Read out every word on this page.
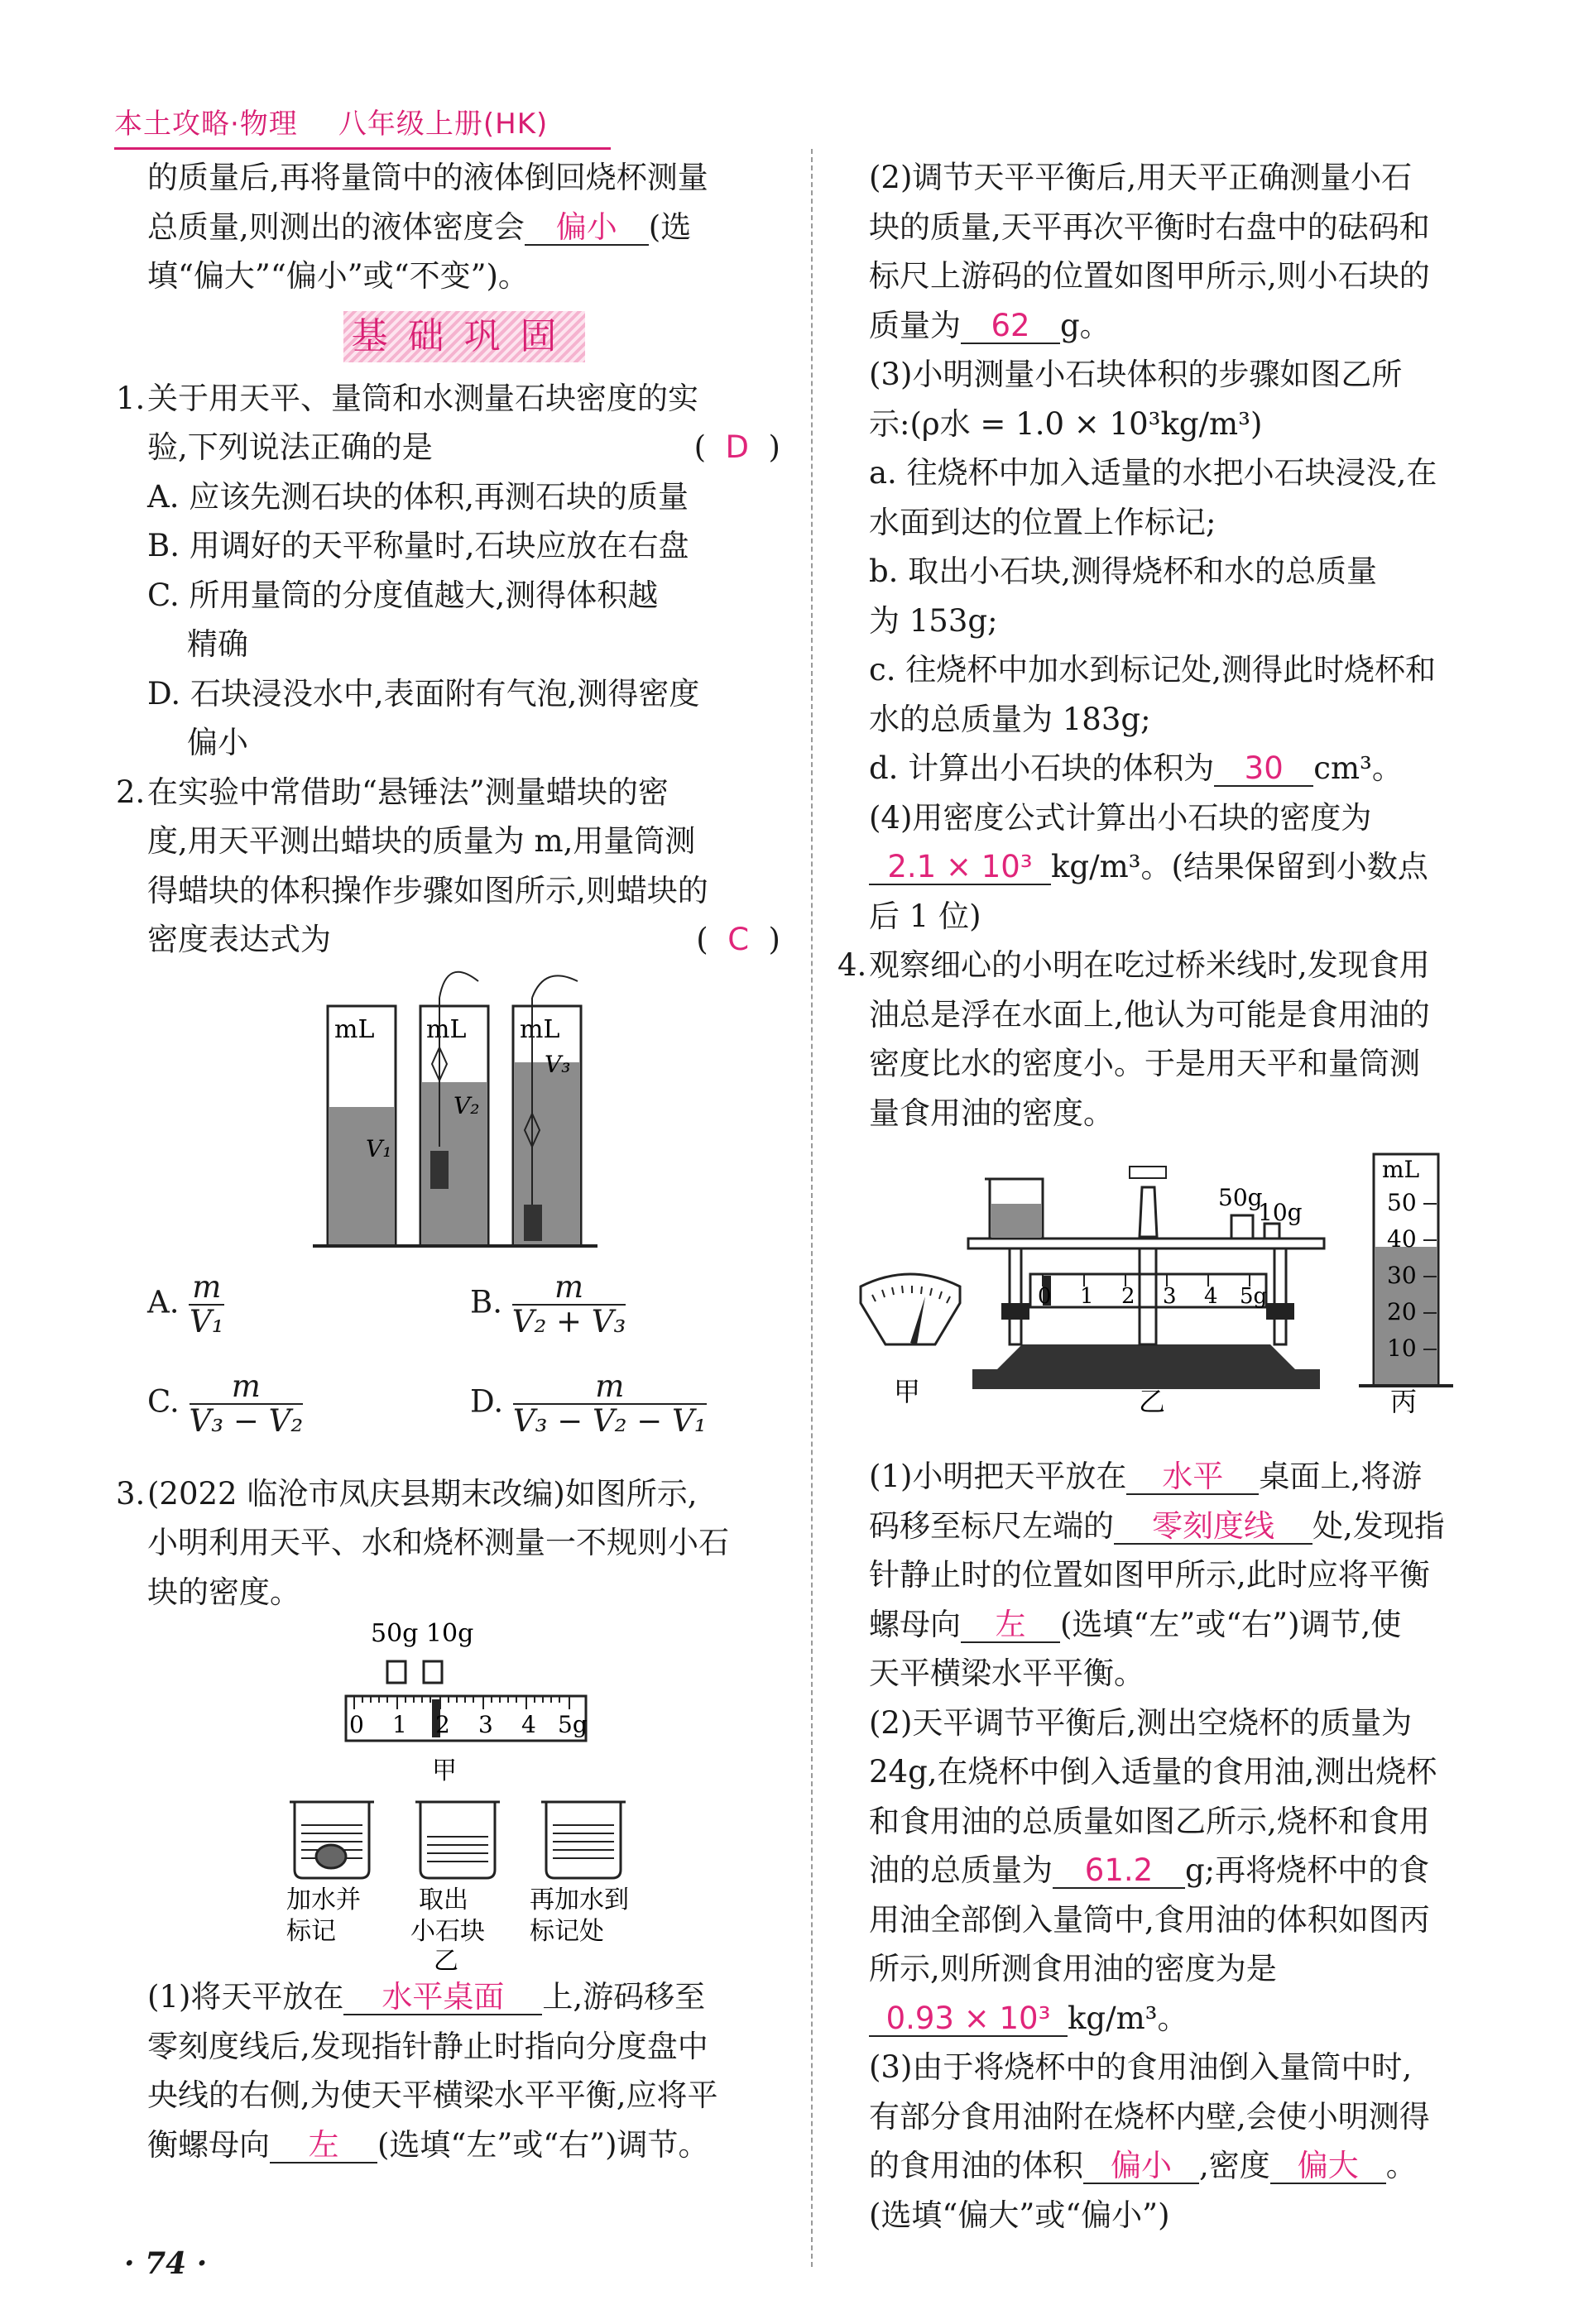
本土攻略·物理 八年级上册(HK)

的质量后,再将量筒中的液体倒回烧杯测量

总质量,则测出的液体密度会 偏小 (选

填“偏大”“偏小”或“不变”)。

基础巩固
1. 关于用天平、量筒和水测量石块密度的实

验,下列说法正确的是	(  D  )

A. 应该先测石块的体积,再测石块的质量

B. 用调好的天平称量时,石块应放在右盘

C. 所用量筒的分度值越大,测得体积越

精确

D. 石块浸没水中,表面附有气泡,测得密度

偏小

2. 在实验中常借助“悬锤法”测量蜡块的密

度,用天平测出蜡块的质量为 m,用量筒测

得蜡块的体积操作步骤如图所示,则蜡块的

密度表达式为	(  C  )

mL
V₁
mL
V₂
mL
V₃
A. $\frac{m}{\text{V₁}}$	B. $\frac{m}{\text{V₂ + V₃}}$
C. $\frac{m}{\text{V₃ − V₂}}$	D. $\frac{m}{\text{V₃ − V₂ − V₁}}$
3. (2022 临沧市凤庆县期末改编)如图所示,

小明利用天平、水和烧杯测量一不规则小石

块的密度。

50g 10g
0 1 2 3 4 5g
甲
加水并
标记
取出
小石块
再加水到
标记处
乙

(1)将天平放在 水平桌面 上,游码移至

零刻度线后,发现指针静止时指向分度盘中

央线的右侧,为使天平横梁水平平衡,应将平

衡螺母向 左 (选填“左”或“右”)调节。

(2)调节天平平衡后,用天平正确测量小石

块的质量,天平再次平衡时右盘中的砝码和

标尺上游码的位置如图甲所示,则小石块的

质量为 62 g。

(3)小明测量小石块体积的步骤如图乙所

示:(ρ水 = 1.0 × 10³kg/m³)

a. 往烧杯中加入适量的水把小石块浸没,在

水面到达的位置上作标记;

b. 取出小石块,测得烧杯和水的总质量

为 153g;

c. 往烧杯中加水到标记处,测得此时烧杯和

水的总质量为 183g;

d. 计算出小石块的体积为 30 cm³。

(4)用密度公式计算出小石块的密度为

2.1 × 10³ kg/m³。(结果保留到小数点

后 1 位)

4. 观察细心的小明在吃过桥米线时,发现食用

油总是浮在水面上,他认为可能是食用油的

密度比水的密度小。于是用天平和量筒测

量食用油的密度。

甲
0 1 2 3 4 5g
50g
10g
乙
mL
50
40
30
20
10
丙

(1)小明把天平放在 水平 桌面上,将游

码移至标尺左端的 零刻度线 处,发现指

针静止时的位置如图甲所示,此时应将平衡

螺母向 左 (选填“左”或“右”)调节,使

天平横梁水平平衡。

(2)天平调节平衡后,测出空烧杯的质量为

24g,在烧杯中倒入适量的食用油,测出烧杯

和食用油的总质量如图乙所示,烧杯和食用

油的总质量为 61.2 g;再将烧杯中的食

用油全部倒入量筒中,食用油的体积如图丙

所示,则所测食用油的密度为是

0.93 × 10³ kg/m³。

(3)由于将烧杯中的食用油倒入量筒中时,

有部分食用油附在烧杯内壁,会使小明测得

的食用油的体积 偏小 ,密度 偏大 。

(选填“偏大”或“偏小”)

· 74 ·
